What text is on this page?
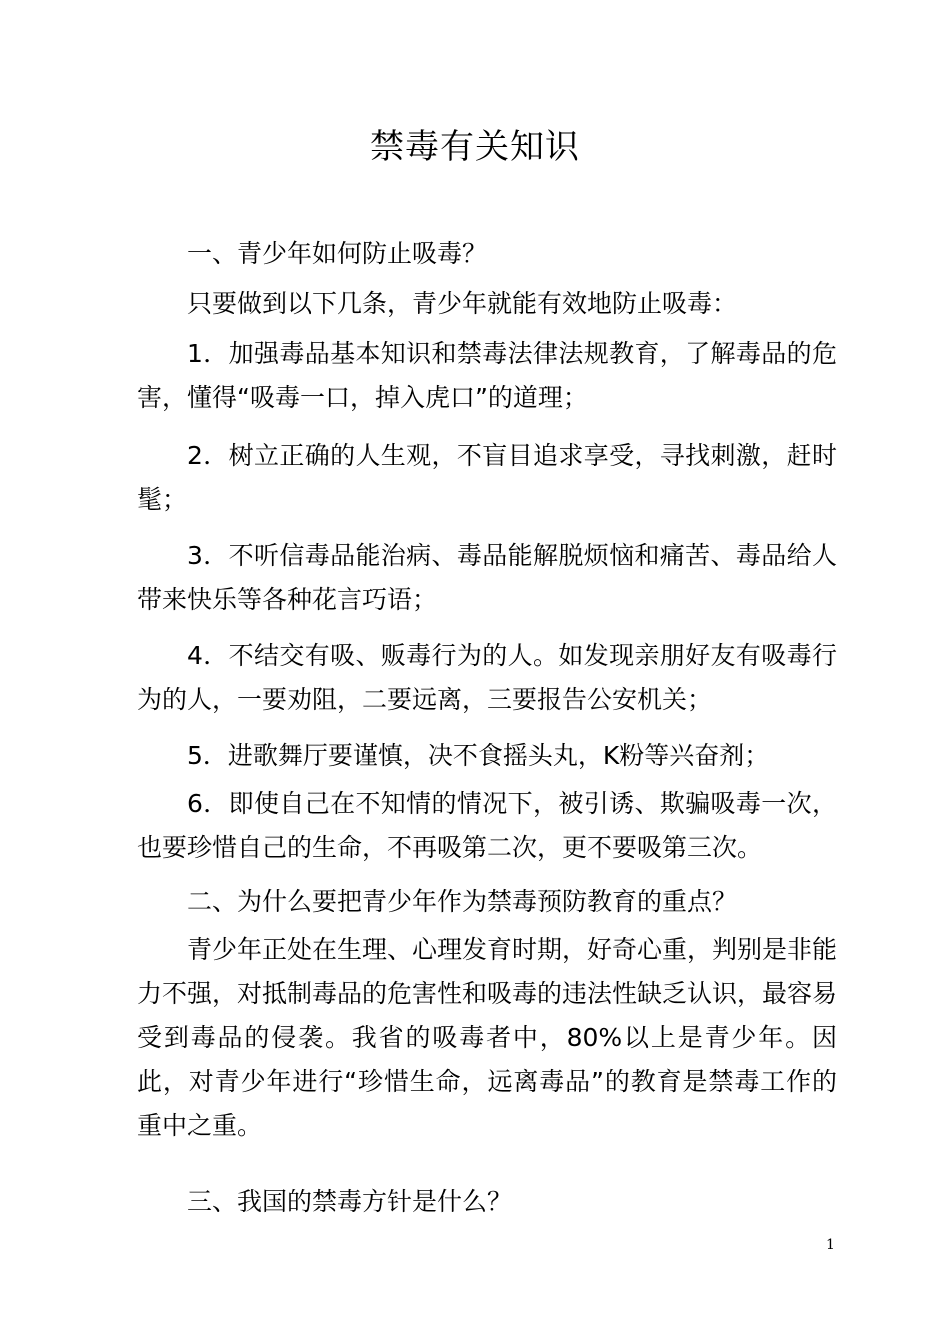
禁毒有关知识

一、青少年如何防止吸毒？

只要做到以下几条，青少年就能有效地防止吸毒：

1．加强毒品基本知识和禁毒法律法规教育，了解毒品的危害，懂得“吸毒一口，掉入虎口”的道理；

2．树立正确的人生观，不盲目追求享受，寻找刺激，赶时髦；

3．不听信毒品能治病、毒品能解脱烦恼和痛苦、毒品给人带来快乐等各种花言巧语；

4．不结交有吸、贩毒行为的人。如发现亲朋好友有吸毒行为的人，一要劝阻，二要远离，三要报告公安机关；

5．进歌舞厅要谨慎，决不食摇头丸，K粉等兴奋剂；

6．即使自己在不知情的情况下，被引诱、欺骗吸毒一次，也要珍惜自己的生命，不再吸第二次，更不要吸第三次。

二、为什么要把青少年作为禁毒预防教育的重点？

青少年正处在生理、心理发育时期，好奇心重，判别是非能力不强，对抵制毒品的危害性和吸毒的违法性缺乏认识，最容易受到毒品的侵袭。我省的吸毒者中，80%以上是青少年。因此，对青少年进行“珍惜生命，远离毒品”的教育是禁毒工作的重中之重。

三、我国的禁毒方针是什么？

1
